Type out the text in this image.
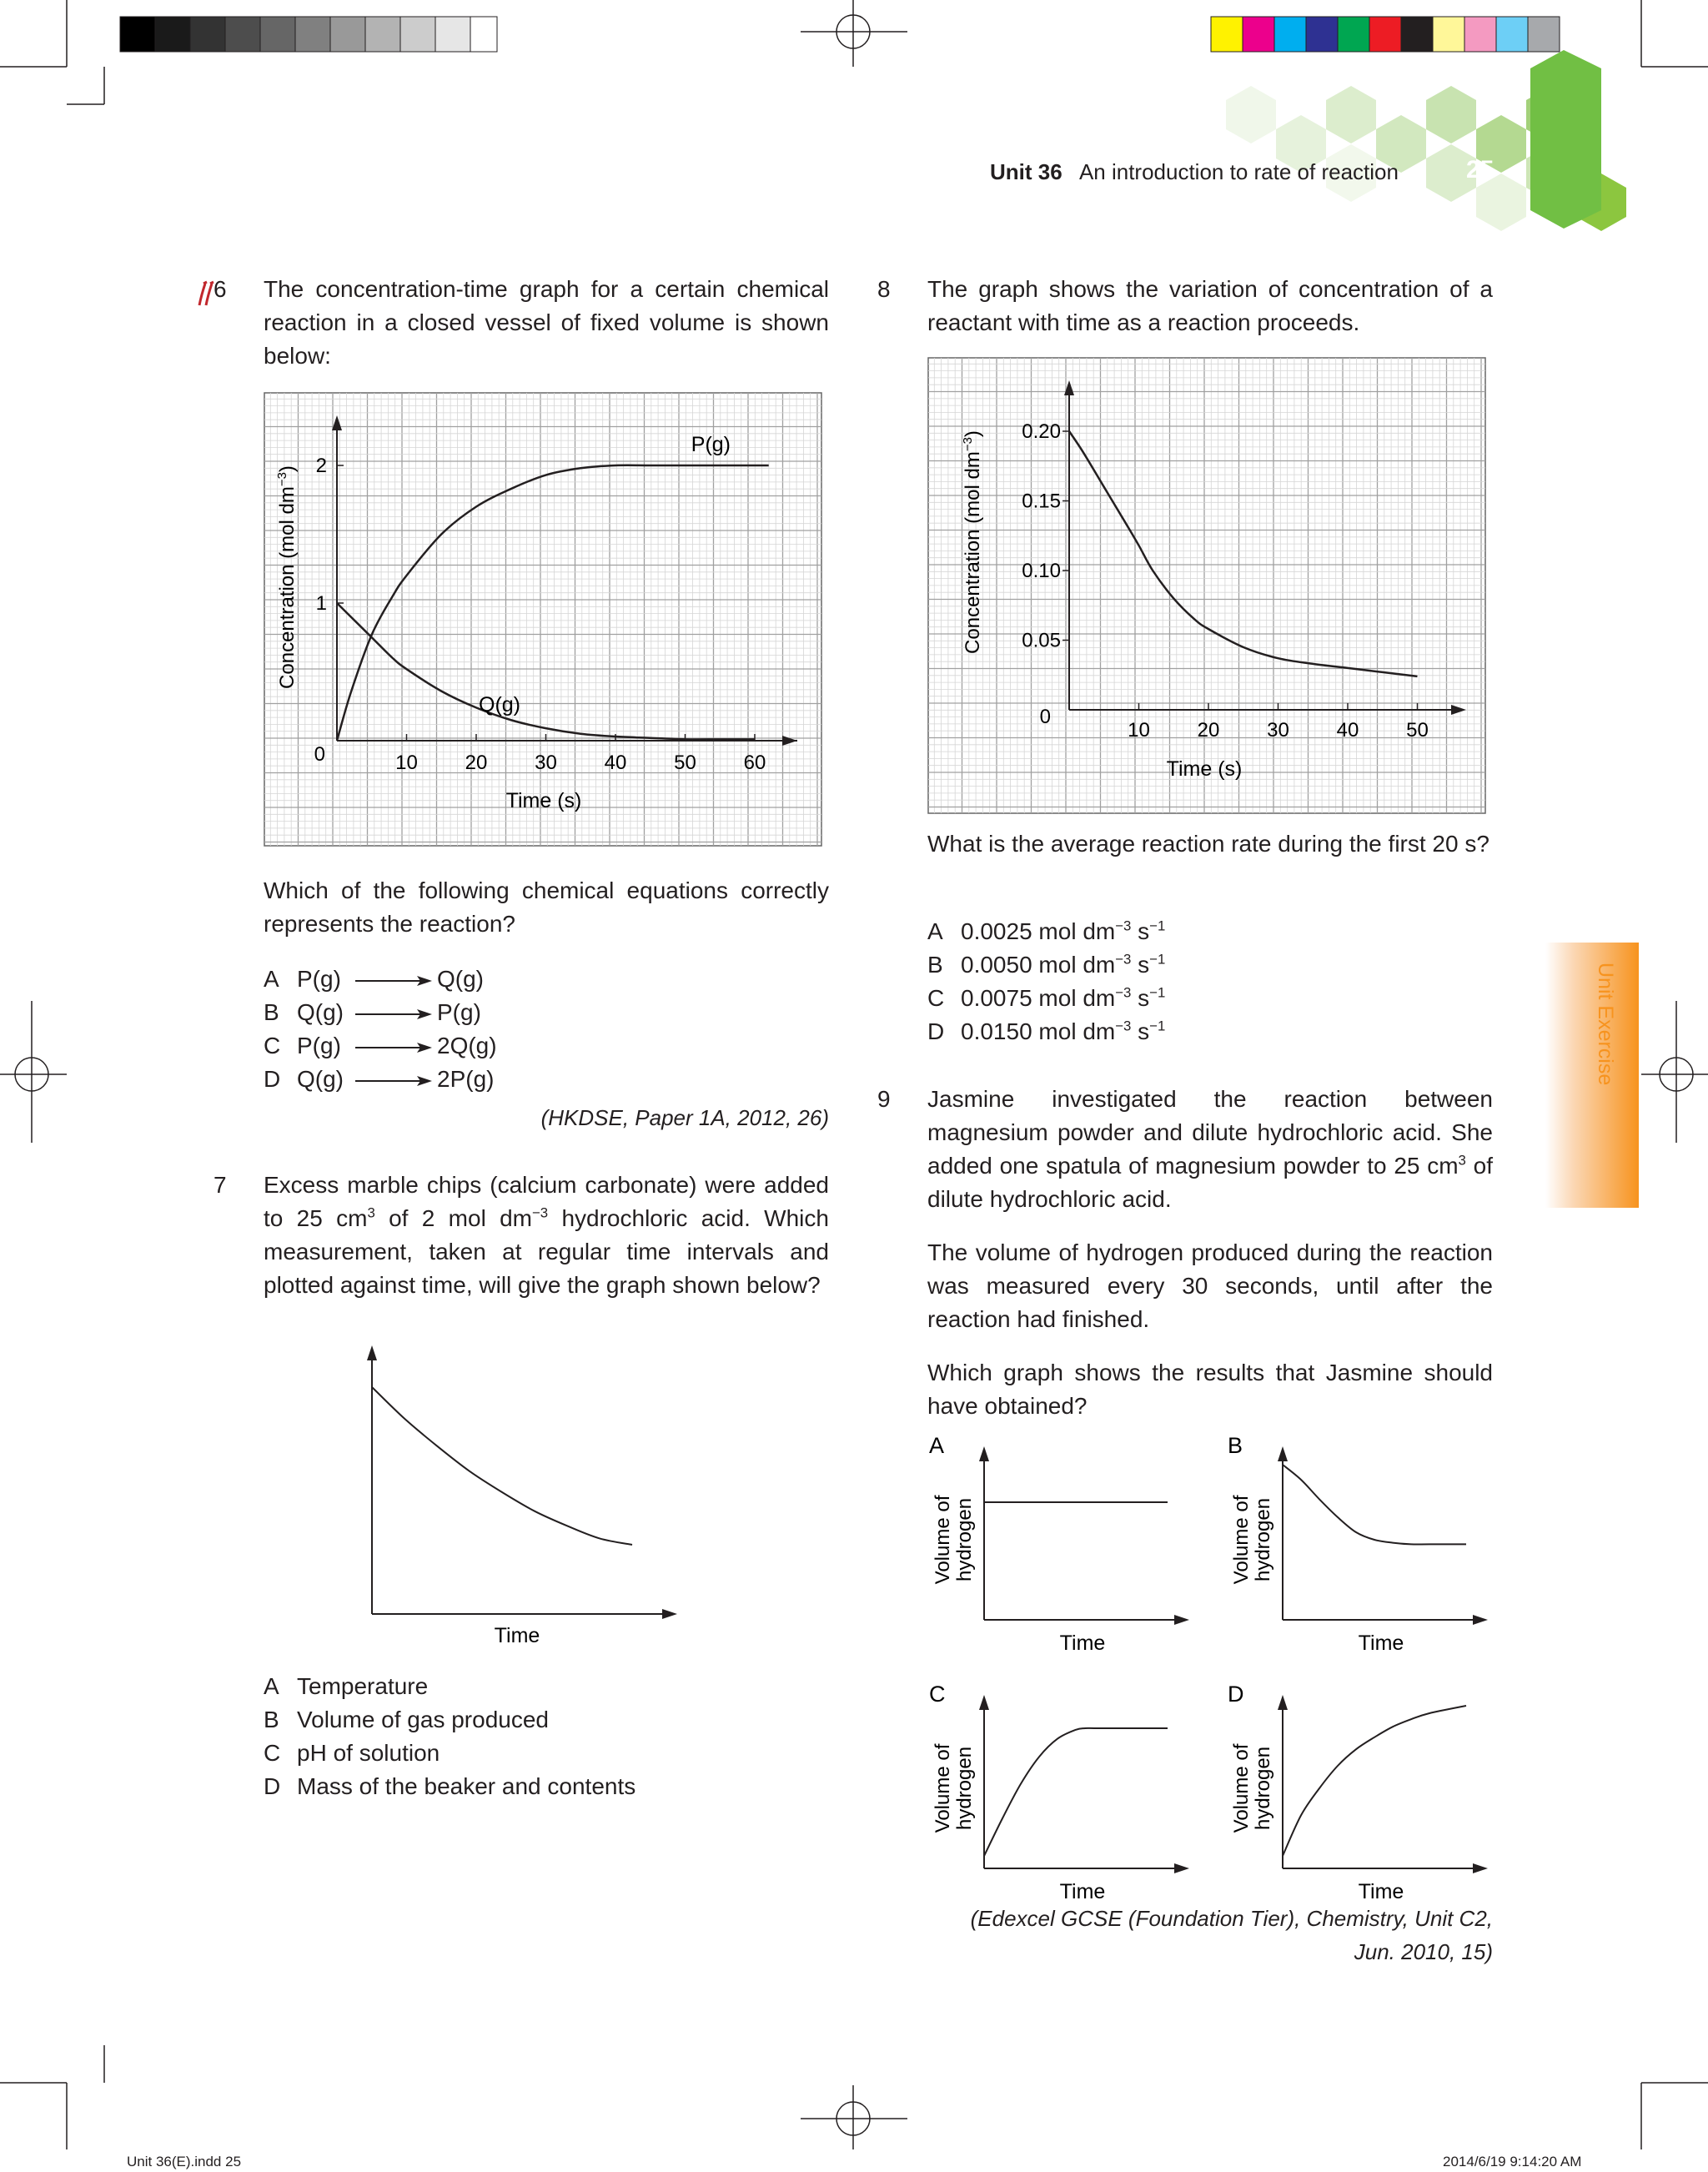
Unit 36 An introduction to rate of reaction	25
Unit Exercise
6 The concentration-time graph for a certain chemical reaction in a closed vessel of fixed volume is shown below:
0	10 20 30 40 50 60
1
2
Time (s)
Concentration (mol $dm^{-3}$)
P(g)
Q(g)
Which of the following chemical equations correctly represents the reaction?
A P(g) → Q(g)
B Q(g) → P(g)
C P(g) → 2Q(g)
D Q(g) → 2P(g)
(HKDSE, Paper 1A, 2012, 26)
7 Excess marble chips (calcium carbonate) were added to 25 $cm^3$ of 2 mol $dm^{-3}$ hydrochloric acid. Which measurement, taken at regular time intervals and plotted against time, will give the graph shown below?
Time
A Temperature
B Volume of gas produced
C pH of solution
D Mass of the beaker and contents
8 The graph shows the variation of concentration of a reactant with time as a reaction proceeds.
0
10 20 30 40 50
0.05
0.10
0.15
0.20
Time (s)
Concentration (mol $dm^{-3}$)
What is the average reaction rate during the first 20 s?
A 0.0025 mol $dm^{-3}$ $s^{-1}$
B 0.0050 mol $dm^{-3}$ $s^{-1}$
C 0.0075 mol $dm^{-3}$ $s^{-1}$
D 0.0150 mol $dm^{-3}$ $s^{-1}$
9 Jasmine investigated the reaction between magnesium powder and dilute hydrochloric acid. She added one spatula of magnesium powder to 25 $cm^3$ of dilute hydrochloric acid.
The volume of hydrogen produced during the reaction was measured every 30 seconds, until after the reaction had finished.
Which graph shows the results that Jasmine should have obtained?
A
Time
Volume of hydrogen
B
Time
Volume of hydrogen
C
Time
Volume of hydrogen
D
Time
Volume of hydrogen
(Edexcel GCSE (Foundation Tier), Chemistry, Unit C2,
Jun. 2010, 15)
Unit 36(E).indd 25	2014/6/19 9:14:20 AM
